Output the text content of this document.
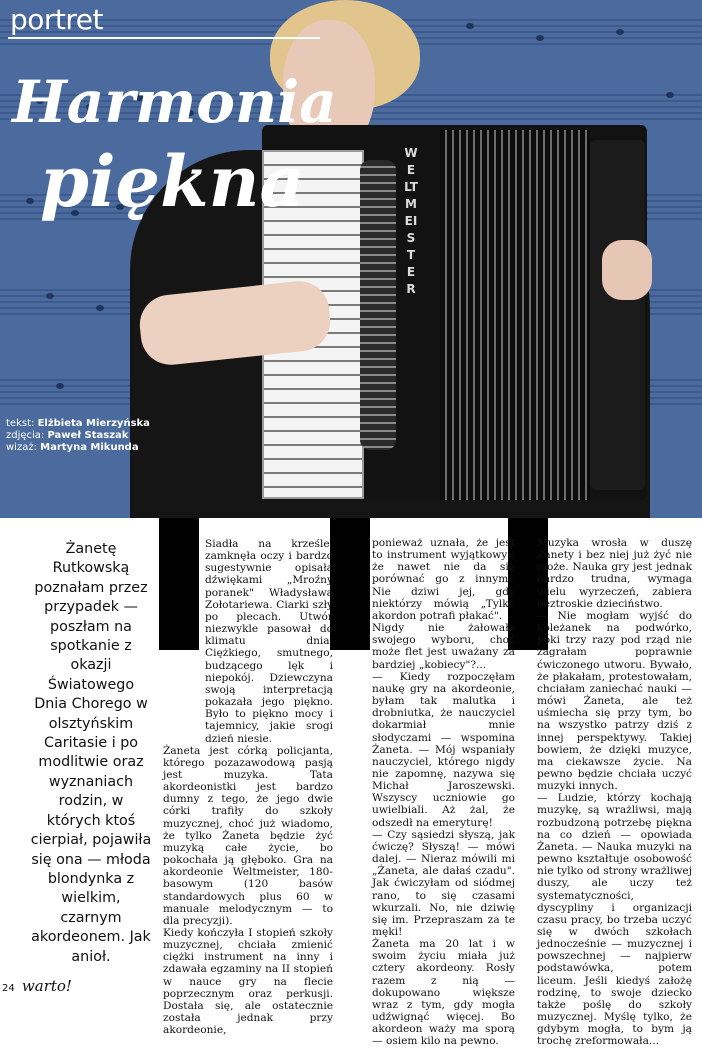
WELTMEISTER
portret
Harmonia
piękna
tekst: Elżbieta Mierzyńska
zdjęcia: Paweł Staszak
wizaż: Martyna Mikunda
Żanetę Rutkowską poznałam przez przypadek — poszłam na spotkanie z okazji Światowego Dnia Chorego w olsztyńskim Caritasie i po modlitwie oraz wyznaniach rodzin, w których ktoś cierpiał, pojawiła się ona — młoda blondynka z wielkim, czarnym akordeonem. Jak anioł.
Siadła na krześle, zamknęła oczy i bardzo sugestywnie opisała dźwiękami „Mroźny poranek" Władysława Zołotariewa. Ciarki szły po plecach. Utwór niezwykle pasował do klimatu dnia. Ciężkiego, smutnego, budzącego lęk i niepokój. Dziewczyna swoją interpretacją pokazała jego piękno. Było to piękno mocy i tajemnicy, jakie srogi dzień niesie.
Żaneta jest córką policjanta, którego pozazawodową pasją jest muzyka. Tata akordeonistki jest bardzo dumny z tego, że jego dwie córki trafiły do szkoły muzycznej, choć już wiadomo, że tylko Żaneta będzie żyć muzyką całe życie, bo pokochała ją głęboko. Gra na akordeonie Weltmeister, 180-basowym (120 basów standardowych plus 60 w manuale melodycznym — to dla precyzji).
Kiedy kończyła I stopień szkoły muzycznej, chciała zmienić ciężki instrument na inny i zdawała egzaminy na II stopień w nauce gry na flecie poprzecznym oraz perkusji. Dostała się, ale ostatecznie została jednak przy akordeonie,
ponieważ uznała, że jest to instrument wyjątkowy i że nawet nie da się porównać go z innymi. Nie dziwi jej, gdy niektórzy mówią „Tylko akordon potrafi płakać".
Nigdy nie żałowała swojego wyboru, choć może flet jest uważany za bardziej „kobiecy"?...
— Kiedy rozpoczęłam naukę gry na akordeonie, byłam tak malutka i drobniutka, że nauczyciel dokarmiał mnie słodyczami — wspomina Żaneta. — Mój wspaniały nauczyciel, którego nigdy nie zapomnę, nazywa się Michał Jaroszewski. Wszyscy uczniowie go uwielbiali. Aż żal, że odszedł na emeryturę!
— Czy sąsiedzi słyszą, jak ćwiczę? Słyszą! — mówi dalej. — Nieraz mówili mi „Żaneta, ale dałaś czadu". Jak ćwiczyłam od siódmej rano, to się czasami wkurzali. No, nie dziwię się im. Przepraszam za te męki!
Żaneta ma 20 lat i w swoim życiu miała już cztery akordeony. Rosły razem z nią — dokupowano większe wraz z tym, gdy mogła udźwignąć więcej. Bo akordeon waży ma sporą — osiem kilo na pewno.
Muzyka wrosła w duszę Żanety i bez niej już żyć nie może. Nauka gry jest jednak bardzo trudna, wymaga wielu wyrzeczeń, zabiera beztroskie dzieciństwo.
— Nie mogłam wyjść do koleżanek na podwórko, póki trzy razy pod rząd nie zagrałam poprawnie ćwiczonego utworu. Bywało, że płakałam, protestowałam, chciałam zaniechać nauki — mówi Żaneta, ale też uśmiecha się przy tym, bo na wszystko patrzy dziś z innej perspektywy. Takiej bowiem, że dzięki muzyce, ma ciekawsze życie. Na pewno będzie chciała uczyć muzyki innych.
— Ludzie, którzy kochają muzykę, są wrażliwsi, mają rozbudzoną potrzebę piękna na co dzień — opowiada Żaneta. — Nauka muzyki na pewno kształtuje osobowość nie tylko od strony wrażliwej duszy, ale uczy też systematyczności, dyscypliny i organizacji czasu pracy, bo trzeba uczyć się w dwóch szkołach jednocześnie — muzycznej i powszechnej — najpierw podstawówka, potem liceum. Jeśli kiedyś założę rodzinę, to swoje dziecko także poślę do szkoły muzycznej. Myślę tylko, że gdybym mogła, to bym ją trochę zreformowała...
24 warto!
